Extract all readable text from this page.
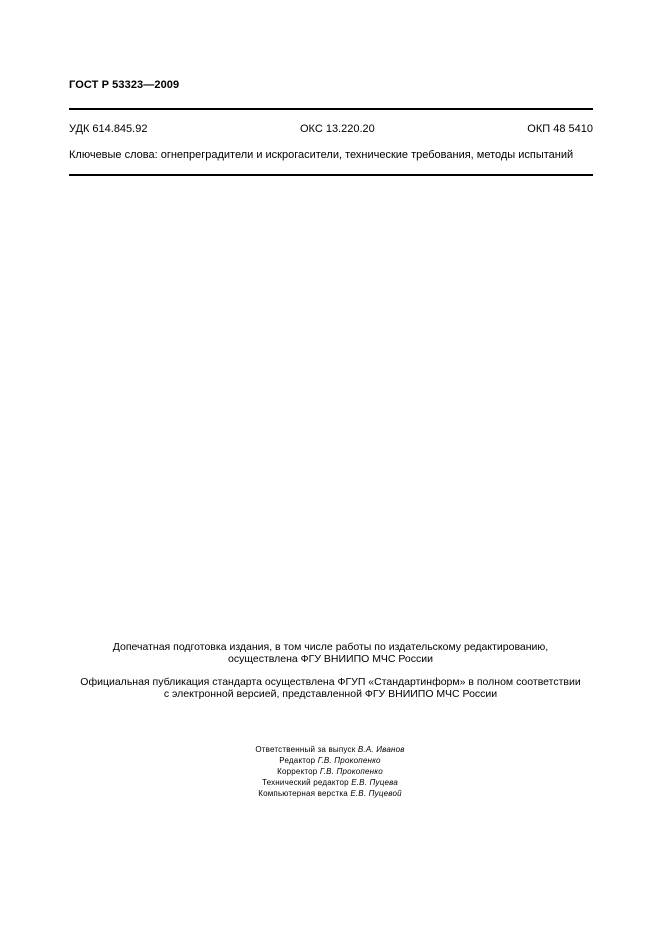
ГОСТ Р 53323—2009
УДК 614.845.92	ОКС 13.220.20	ОКП 48 5410
Ключевые слова: огнепреградители и искрогасители, технические требования, методы испытаний
Допечатная подготовка издания, в том числе работы по издательскому редактированию,
осуществлена ФГУ ВНИИПО МЧС России
Официальная публикация стандарта осуществлена ФГУП «Стандартинформ» в полном соответствии
с электронной версией, представленной ФГУ ВНИИПО МЧС России
Ответственный за выпуск В.А. Иванов
Редактор Г.В. Прокопенко
Корректор Г.В. Прокопенко
Технический редактор Е.В. Пуцева
Компьютерная верстка Е.В. Пуцевой
